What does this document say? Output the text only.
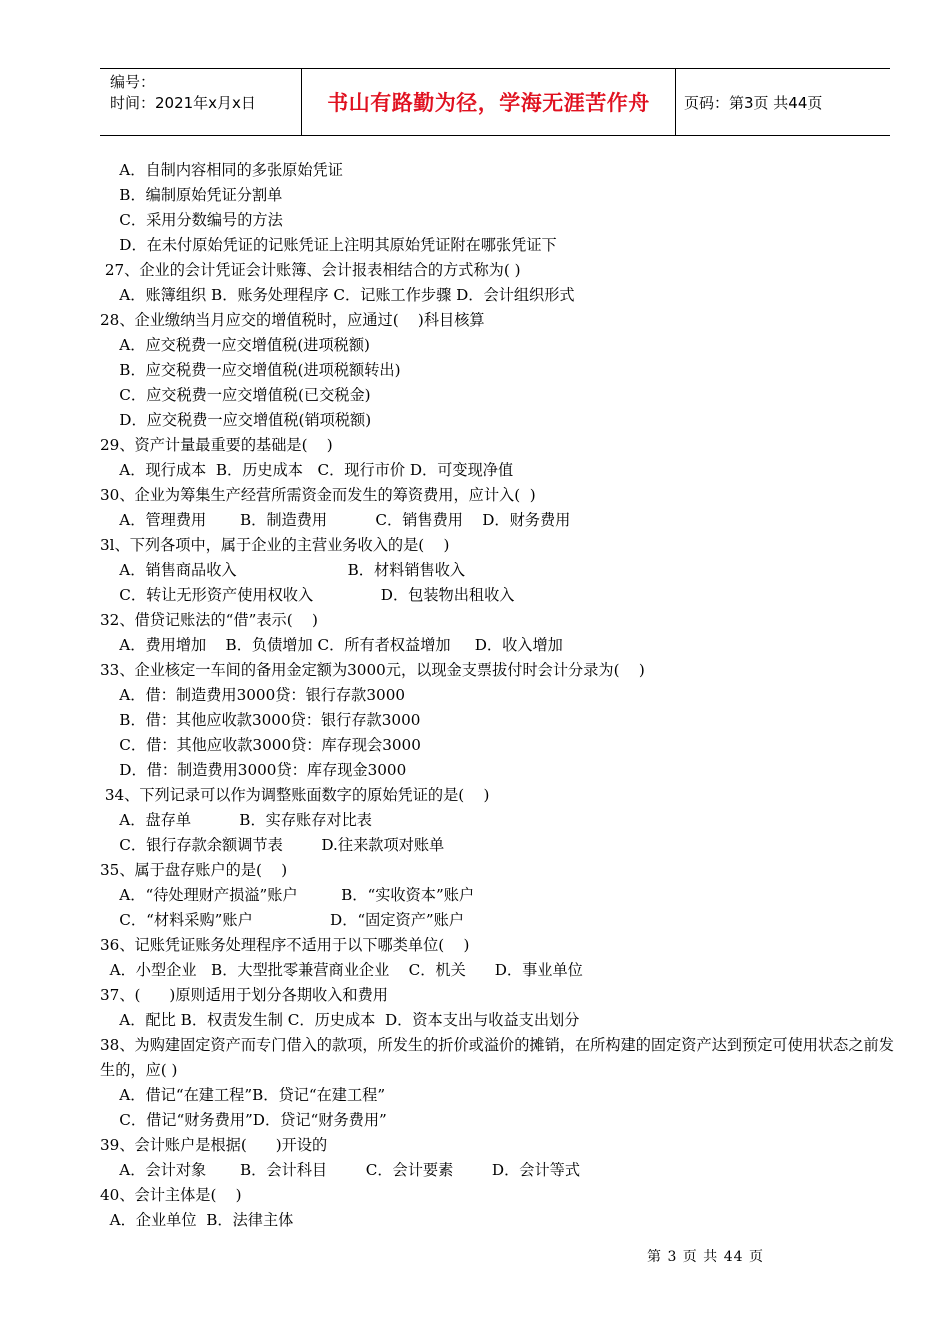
编号：
时间：2021年x月x日	书山有路勤为径，学海无涯苦作舟 页码：第3页 共44页
A．自制内容相同的多张原始凭证
B．编制原始凭证分割单
C．采用分数编号的方法
D．在未付原始凭证的记账凭证上注明其原始凭证附在哪张凭证下
27、企业的会计凭证会计账簿、会计报表相结合的方式称为( )
A．账簿组织 B．账务处理程序 C．记账工作步骤 D．会计组织形式
28、企业缴纳当月应交的增值税时，应通过(    )科目核算
A．应交税费一应交增值税(进项税额)
B．应交税费一应交增值税(进项税额转出)
C．应交税费一应交增值税(已交税金)
D．应交税费一应交增值税(销项税额)
29、资产计量最重要的基础是(    )
A．现行成本  B．历史成本   C．现行市价 D．可变现净值
30、企业为筹集生产经营所需资金而发生的筹资费用，应计入(  )
A．管理费用       B．制造费用          C．销售费用    D．财务费用
3l、下列各项中，属于企业的主营业务收入的是(    )
A．销售商品收入                       B．材料销售收入
C．转让无形资产使用权收入              D．包装物出租收入
32、借贷记账法的“借”表示(    )
A．费用增加    B．负债增加 C．所有者权益增加     D．收入增加
33、企业核定一车间的备用金定额为3000元，以现金支票拔付时会计分录为(    )
A．借：制造费用3000贷：银行存款3000
B．借：其他应收款3000贷：银行存款3000
C．借：其他应收款3000贷：库存现会3000
D．借：制造费用3000贷：库存现金3000
34、下列记录可以作为调整账面数字的原始凭证的是(    )
A．盘存单          B．实存账存对比表
C．银行存款余额调节表        D.往来款项对账单
35、属于盘存账户的是(    )
A．“待处理财产损溢”账户         B．“实收资本”账户
C．“材料采购”账户                D．“固定资产”账户
36、记账凭证账务处理程序不适用于以下哪类单位(    )
A．小型企业   B．大型批零兼营商业企业    C．机关      D．事业单位
37、(      )原则适用于划分各期收入和费用
A．配比 B．权责发生制 C．历史成本  D．资本支出与收益支出划分
38、为购建固定资产而专门借入的款项，所发生的折价或溢价的摊销，在所构建的固定资产达到预定可使用状态之前发生的，应( )
A．借记“在建工程”B．贷记“在建工程”
C．借记“财务费用”D．贷记“财务费用”
39、会计账户是根据(      )开设的
A．会计对象       B．会计科目        C．会计要素        D．会计等式
40、会计主体是(    )
A．企业单位  B．法律主体
第 3 页 共 44 页
